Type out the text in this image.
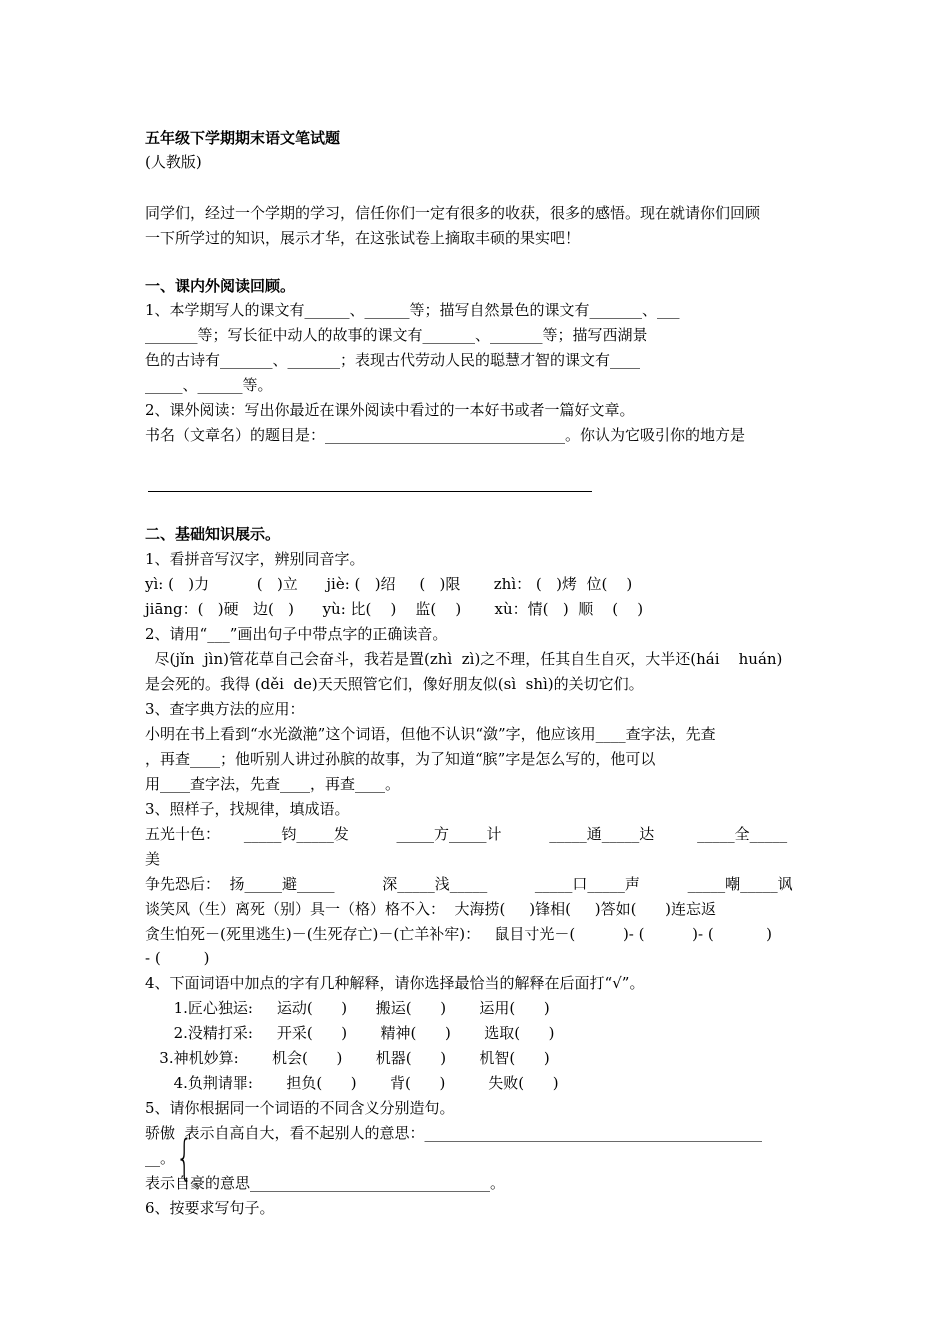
五年级下学期期末语文笔试题
(人教版)
同学们，经过一个学期的学习，信任你们一定有很多的收获，很多的感悟。现在就请你们回顾
一下所学过的知识，展示才华，在这张试卷上摘取丰硕的果实吧！
一、课内外阅读回顾。
1、本学期写人的课文有______、______等；描写自然景色的课文有_______、___
_______等；写长征中动人的故事的课文有_______、_______等；描写西湖景
色的古诗有_______、_______；表现古代劳动人民的聪慧才智的课文有____
_____、______等。
2、课外阅读：写出你最近在课外阅读中看过的一本好书或者一篇好文章。
书名（文章名）的题目是：________________________________。你认为它吸引你的地方是
二、基础知识展示。
1、看拼音写汉字，辨别同音字。
yì: (   )力          (   )立      jiè: (   )绍     (   )限       zhì： (   )烤  位(    )
jiāng：(   )硬   边(   )      yù: 比(    )    监(    )       xù：情(   )  顺    (    )
2、请用“___”画出句子中带点字的正确读音。
尽(jǐn  jìn)管花草自己会奋斗，我若是置(zhì  zì)之不理，任其自生自灭，大半还(hái    huán)
是会死的。我得 (děi  de)天天照管它们，像好朋友似(sì  shì)的关切它们。
3、查字典方法的应用：
小明在书上看到“水光潋滟”这个词语，但他不认识“潋”字，他应该用____查字法，先查
，再查____；他听别人讲过孙膑的故事，为了知道“膑”字是怎么写的，他可以
用____查字法，先查____，再查____。
3、照样子，找规律，填成语。
五光十色：     _____钧_____发          _____方_____计          _____通_____达         _____全_____
美
争先恐后：  扬_____避_____          深_____浅_____          _____口_____声          _____嘲_____讽
谈笑风（生）离死（别）具一（格）格不入：  大海捞(     )锋相(     )答如(      )连忘返
贪生怕死－(死里逃生)－(生死存亡)－(亡羊补牢)：   鼠目寸光－(          )- (          )- (           )
- (         )
4、下面词语中加点的字有几种解释，请你选择最恰当的解释在后面打“√”。
1.匠心独运:     运动(      )      搬运(      )       运用(      )
2.没精打采:     开采(      )       精神(      )       选取(      )
3.神机妙算:       机会(      )       机器(      )       机智(      )
4.负荆请罪:       担负(      )       背(      )         失败(      )
5、请你根据同一个词语的不同含义分别造句。
骄傲  表示自高自大，看不起别人的意思：_____________________________________________
__。 {
表示自豪的意思________________________________。
6、按要求写句子。
